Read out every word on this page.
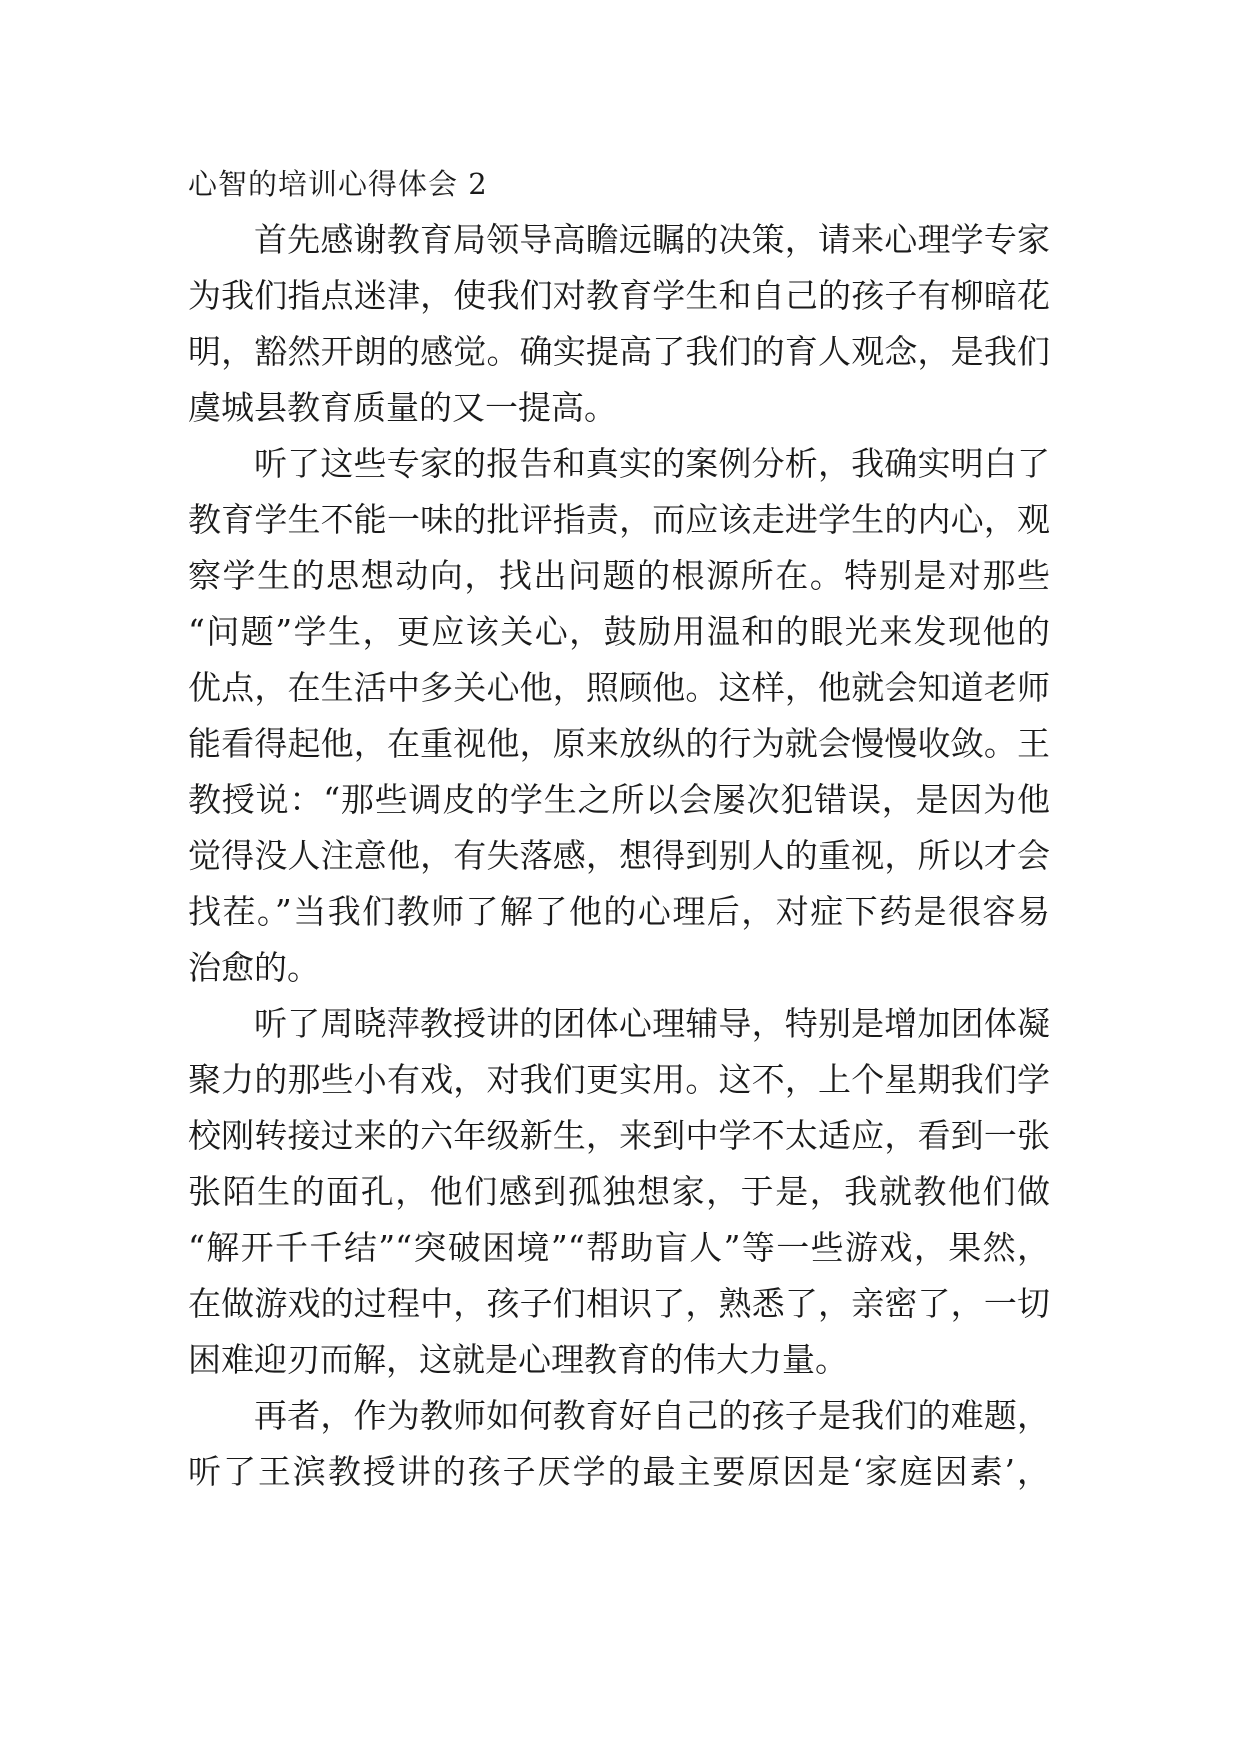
心智的培训心得体会 2
首先感谢教育局领导高瞻远瞩的决策，请来心理学专家
为我们指点迷津，使我们对教育学生和自己的孩子有柳暗花
明，豁然开朗的感觉。确实提高了我们的育人观念，是我们
虞城县教育质量的又一提高。
听了这些专家的报告和真实的案例分析，我确实明白了
教育学生不能一味的批评指责，而应该走进学生的内心，观
察学生的思想动向，找出问题的根源所在。特别是对那些
“问题”学生，更应该关心，鼓励用温和的眼光来发现他的
优点，在生活中多关心他，照顾他。这样，他就会知道老师
能看得起他，在重视他，原来放纵的行为就会慢慢收敛。王
教授说：“那些调皮的学生之所以会屡次犯错误，是因为他
觉得没人注意他，有失落感，想得到别人的重视，所以才会
找茬。”当我们教师了解了他的心理后，对症下药是很容易
治愈的。
听了周晓萍教授讲的团体心理辅导，特别是增加团体凝
聚力的那些小有戏，对我们更实用。这不，上个星期我们学
校刚转接过来的六年级新生，来到中学不太适应，看到一张
张陌生的面孔，他们感到孤独想家，于是，我就教他们做
“解开千千结”“突破困境”“帮助盲人”等一些游戏，果然，
在做游戏的过程中，孩子们相识了，熟悉了，亲密了，一切
困难迎刃而解，这就是心理教育的伟大力量。
再者，作为教师如何教育好自己的孩子是我们的难题，
听了王滨教授讲的孩子厌学的最主要原因是‘家庭因素’，
